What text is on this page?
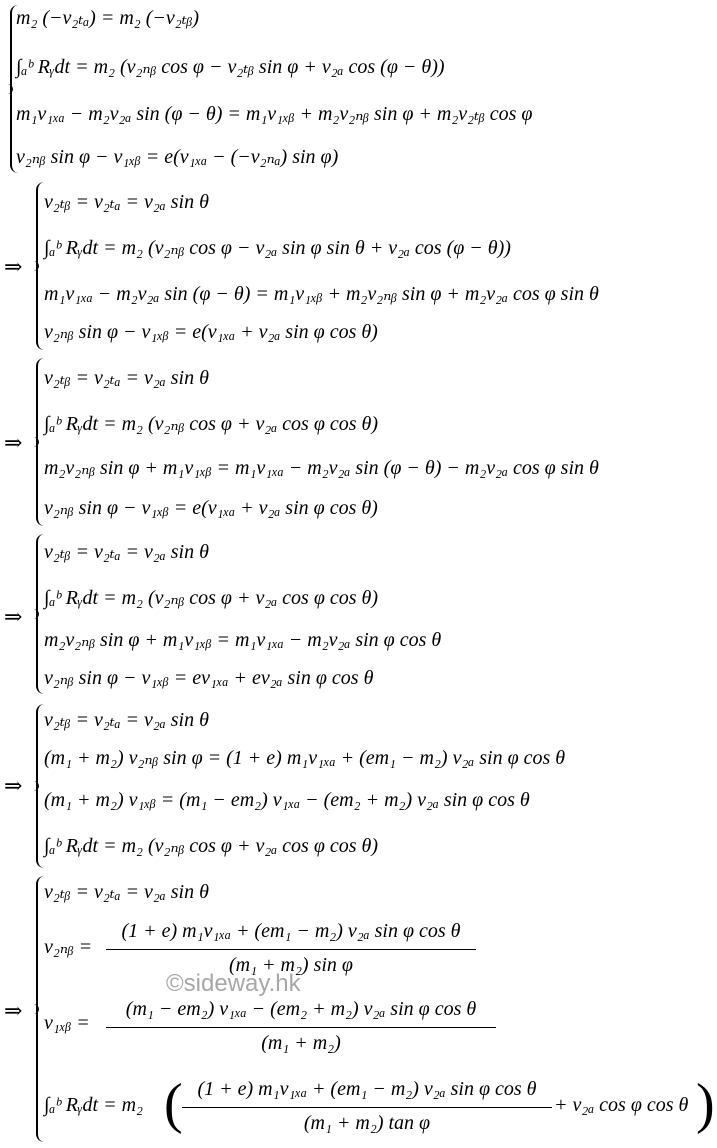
m₂ (−v₂ₜₐ) = m₂ (−v₂ₜᵦ)
∫ₐᵇ Rᵧdt = m₂ (v₂ₙᵦ cos φ − v₂ₜᵦ sin φ + v₂ₐ cos (φ − θ))
m₁v₁ₓₐ − m₂v₂ₐ sin (φ − θ) = m₁v₁ₓᵦ + m₂v₂ₙᵦ sin φ + m₂v₂ₜᵦ cos φ
v₂ₙᵦ sin φ − v₁ₓᵦ = e(v₁ₓₐ − (−v₂ₙₐ) sin φ)
⇒
v₂ₜᵦ = v₂ₜₐ = v₂ₐ sin θ
∫ₐᵇ Rᵧdt = m₂ (v₂ₙᵦ cos φ − v₂ₐ sin φ sin θ + v₂ₐ cos (φ − θ))
m₁v₁ₓₐ − m₂v₂ₐ sin (φ − θ) = m₁v₁ₓᵦ + m₂v₂ₙᵦ sin φ + m₂v₂ₐ cos φ sin θ
v₂ₙᵦ sin φ − v₁ₓᵦ = e(v₁ₓₐ + v₂ₐ sin φ cos θ)
⇒
v₂ₜᵦ = v₂ₜₐ = v₂ₐ sin θ
∫ₐᵇ Rᵧdt = m₂ (v₂ₙᵦ cos φ + v₂ₐ cos φ cos θ)
m₂v₂ₙᵦ sin φ + m₁v₁ₓᵦ = m₁v₁ₓₐ − m₂v₂ₐ sin (φ − θ) − m₂v₂ₐ cos φ sin θ
v₂ₙᵦ sin φ − v₁ₓᵦ = e(v₁ₓₐ + v₂ₐ sin φ cos θ)
⇒
v₂ₜᵦ = v₂ₜₐ = v₂ₐ sin θ
∫ₐᵇ Rᵧdt = m₂ (v₂ₙᵦ cos φ + v₂ₐ cos φ cos θ)
m₂v₂ₙᵦ sin φ + m₁v₁ₓᵦ = m₁v₁ₓₐ − m₂v₂ₐ sin φ cos θ
v₂ₙᵦ sin φ − v₁ₓᵦ = ev₁ₓₐ + ev₂ₐ sin φ cos θ
⇒
v₂ₜᵦ = v₂ₜₐ = v₂ₐ sin θ
(m₁ + m₂) v₂ₙᵦ sin φ = (1 + e) m₁v₁ₓₐ + (em₁ − m₂) v₂ₐ sin φ cos θ
(m₁ + m₂) v₁ₓᵦ = (m₁ − em₂) v₁ₓₐ − (em₂ + m₂) v₂ₐ sin φ cos θ
∫ₐᵇ Rᵧdt = m₂ (v₂ₙᵦ cos φ + v₂ₐ cos φ cos θ)
⇒
v₂ₜᵦ = v₂ₜₐ = v₂ₐ sin θ
v₂ₙᵦ =
(1 + e) m₁v₁ₓₐ + (em₁ − m₂) v₂ₐ sin φ cos θ
(m₁ + m₂) sin φ
©sideway.hk
v₁ₓᵦ =
(m₁ − em₂) v₁ₓₐ − (em₂ + m₂) v₂ₐ sin φ cos θ
(m₁ + m₂)
∫ₐᵇ Rᵧdt = m₂ ( (1 + e) m₁v₁ₓₐ + (em₁ − m₂) v₂ₐ sin φ cos θ
(m₁ + m₂) tan φ
+ v₂ₐ cos φ cos θ )
